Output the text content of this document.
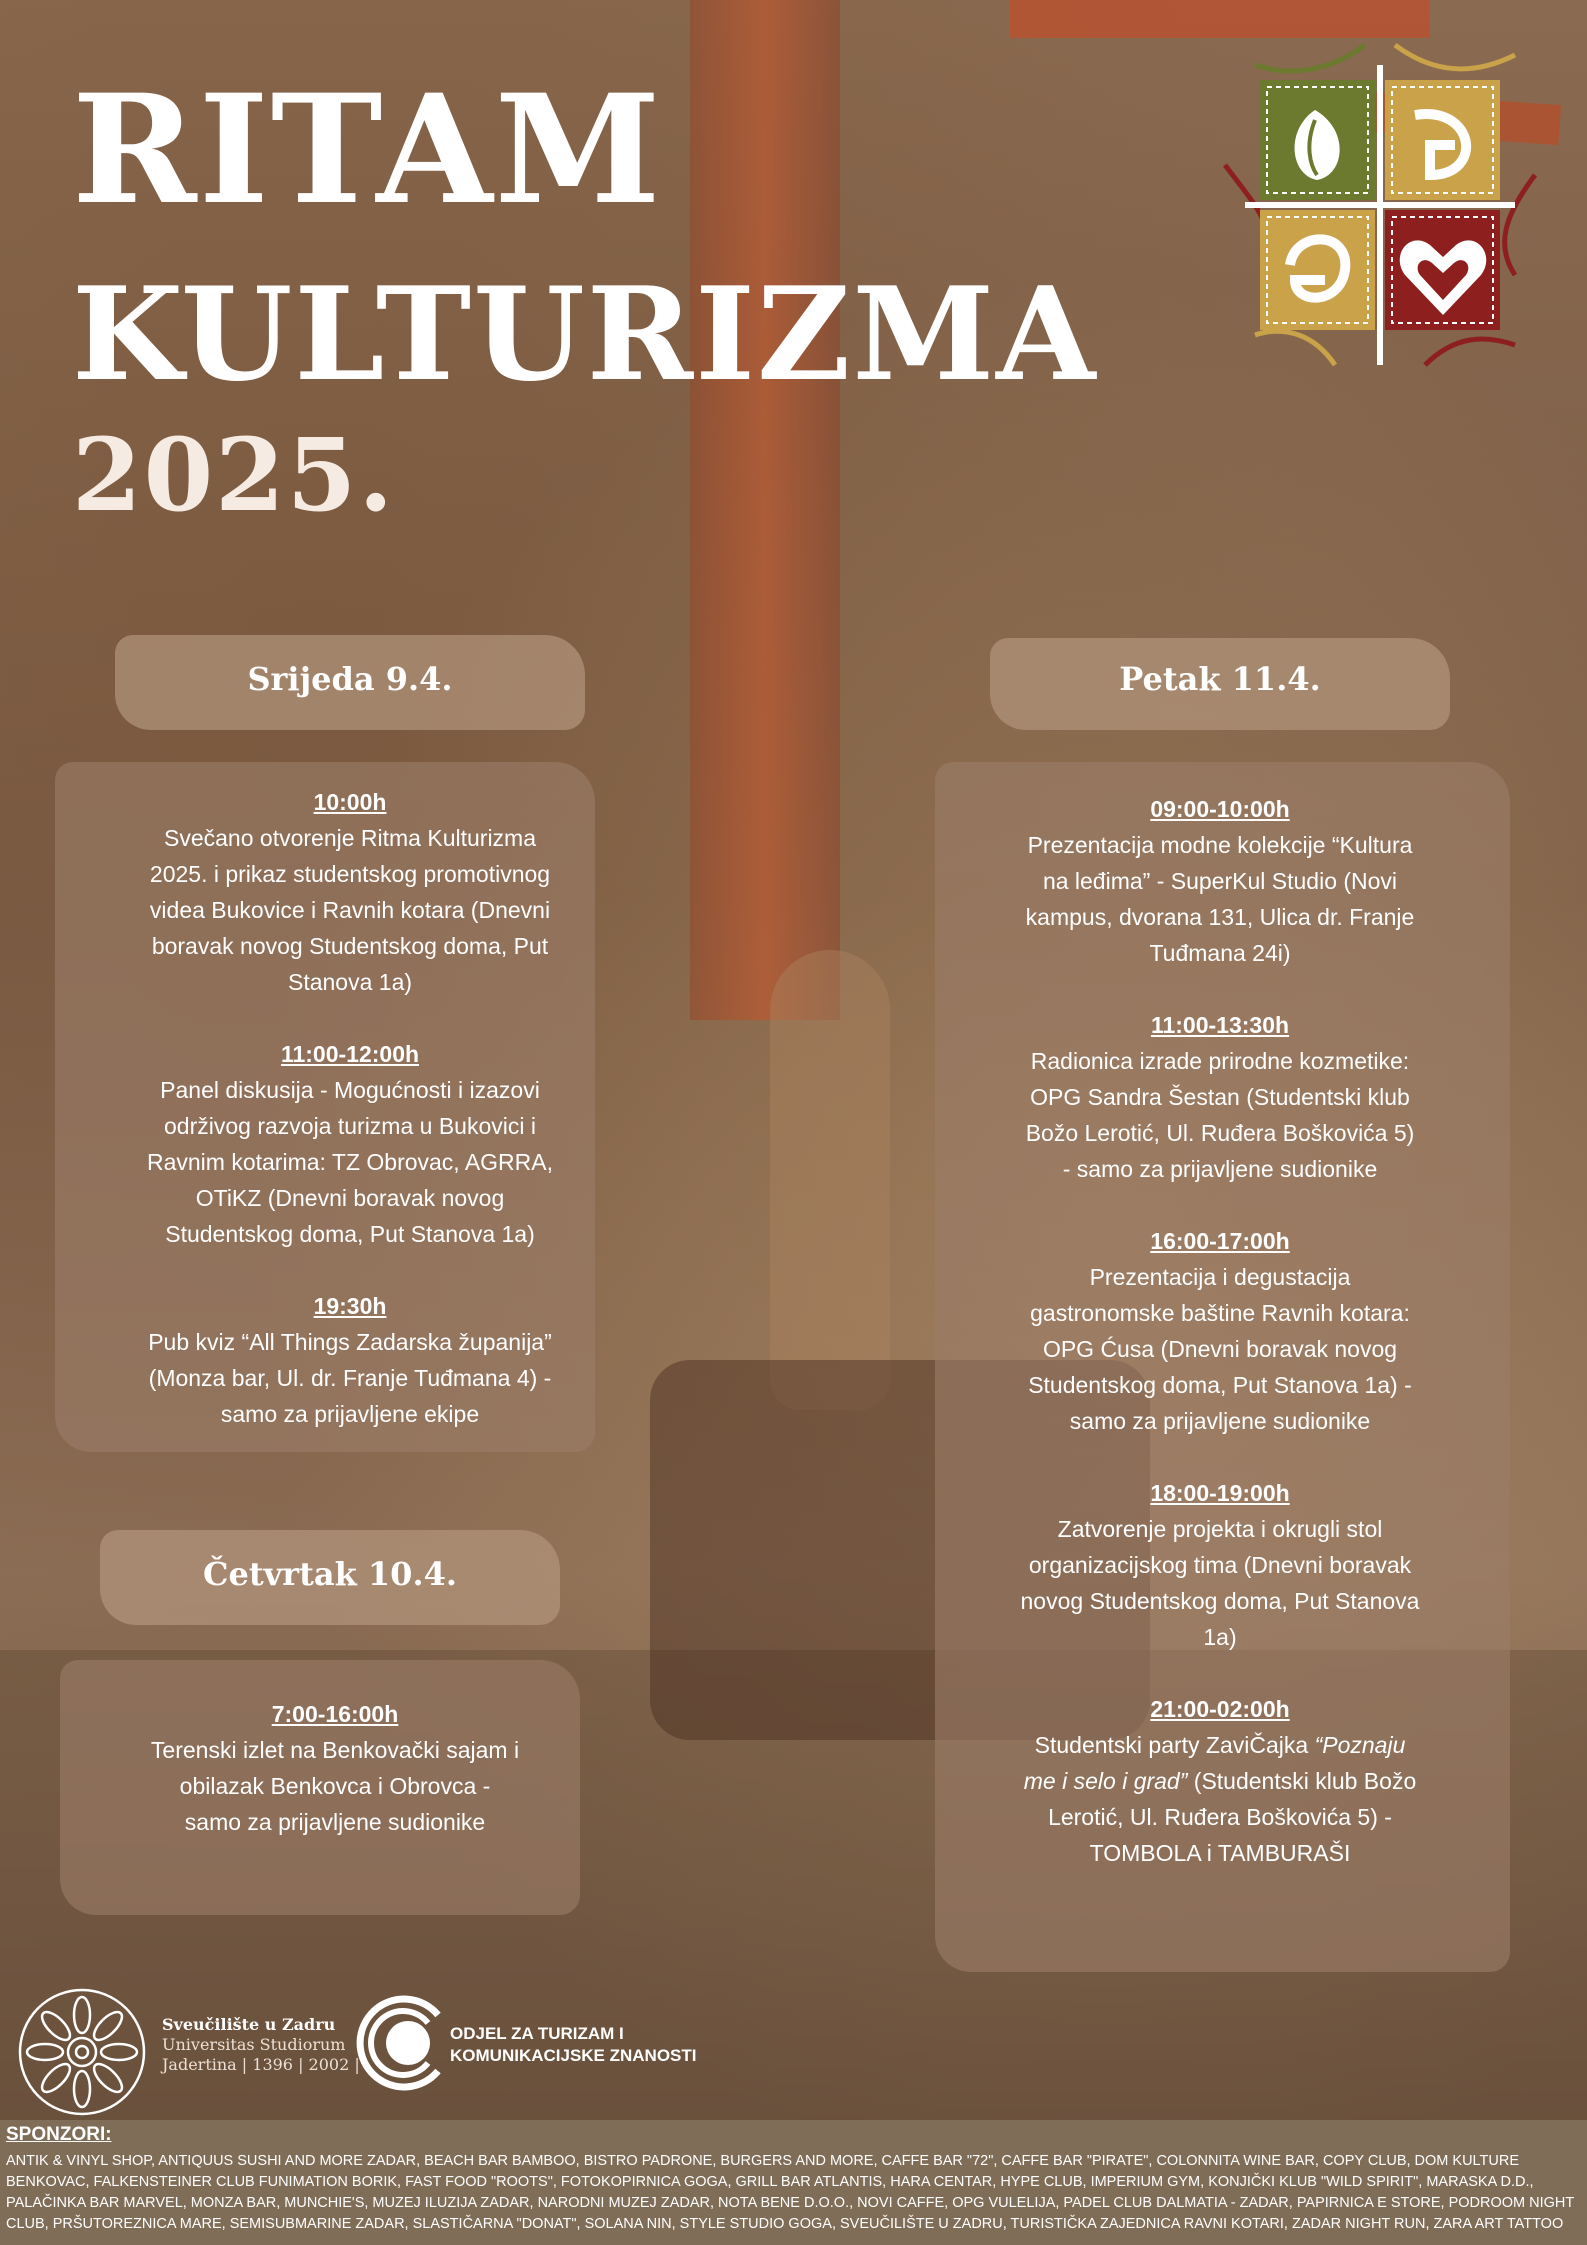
RITAM
KULTURIZMA
2025.
Srijeda 9.4.
10:00h
Svečano otvorenje Ritma Kulturizma 2025. i prikaz studentskog promotivnog videa Bukovice i Ravnih kotara (Dnevni boravak novog Studentskog doma, Put Stanova 1a)
11:00-12:00h
Panel diskusija - Mogućnosti i izazovi održivog razvoja turizma u Bukovici i Ravnim kotarima: TZ Obrovac, AGRRA, OTiKZ (Dnevni boravak novog Studentskog doma, Put Stanova 1a)
19:30h
Pub kviz “All Things Zadarska županija” (Monza bar, Ul. dr. Franje Tuđmana 4) - samo za prijavljene ekipe
Četvrtak 10.4.
7:00-16:00h
Terenski izlet na Benkovački sajam i obilazak Benkovca i Obrovca - samo za prijavljene sudionike
Petak 11.4.
09:00-10:00h
Prezentacija modne kolekcije “Kultura na leđima” - SuperKul Studio (Novi kampus, dvorana 131, Ulica dr. Franje Tuđmana 24i)
11:00-13:30h
Radionica izrade prirodne kozmetike: OPG Sandra Šestan (Studentski klub Božo Lerotić, Ul. Ruđera Boškovića 5) - samo za prijavljene sudionike
16:00-17:00h
Prezentacija i degustacija gastronomske baštine Ravnih kotara: OPG Ćusa (Dnevni boravak novog Studentskog doma, Put Stanova 1a) - samo za prijavljene sudionike
18:00-19:00h
Zatvorenje projekta i okrugli stol organizacijskog tima (Dnevni boravak novog Studentskog doma, Put Stanova 1a)
21:00-02:00h
Studentski party ZaviČajka “Poznaju me i selo i grad” (Studentski klub Božo Lerotić, Ul. Ruđera Boškovića 5) - TOMBOLA i TAMBURAŠI
Sveučilište u Zadru
Universitas Studiorum
Jadertina | 1396 | 2002 |
ODJEL ZA TURIZAM I
KOMUNIKACIJSKE ZNANOSTI
SPONZORI:
ANTIK & VINYL SHOP, ANTIQUUS SUSHI AND MORE ZADAR, BEACH BAR BAMBOO, BISTRO PADRONE, BURGERS AND MORE, CAFFE BAR "72", CAFFE BAR "PIRATE", COLONNITA WINE BAR, COPY CLUB, DOM KULTURE BENKOVAC, FALKENSTEINER CLUB FUNIMATION BORIK, FAST FOOD "ROOTS", FOTOKOPIRNICA GOGA, GRILL BAR ATLANTIS, HARA CENTAR, HYPE CLUB, IMPERIUM GYM, KONJIČKI KLUB "WILD SPIRIT", MARASKA D.D., PALAČINKA BAR MARVEL, MONZA BAR, MUNCHIE'S, MUZEJ ILUZIJA ZADAR, NARODNI MUZEJ ZADAR, NOTA BENE D.O.O., NOVI CAFFE, OPG VULELIJA, PADEL CLUB DALMATIA - ZADAR, PAPIRNICA E STORE, PODROOM NIGHT CLUB, PRŠUTOREZNICA MARE, SEMISUBMARINE ZADAR, SLASTIČARNA "DONAT", SOLANA NIN, STYLE STUDIO GOGA, SVEUČILIŠTE U ZADRU, TURISTIČKA ZAJEDNICA RAVNI KOTARI, ZADAR NIGHT RUN, ZARA ART TATTOO
